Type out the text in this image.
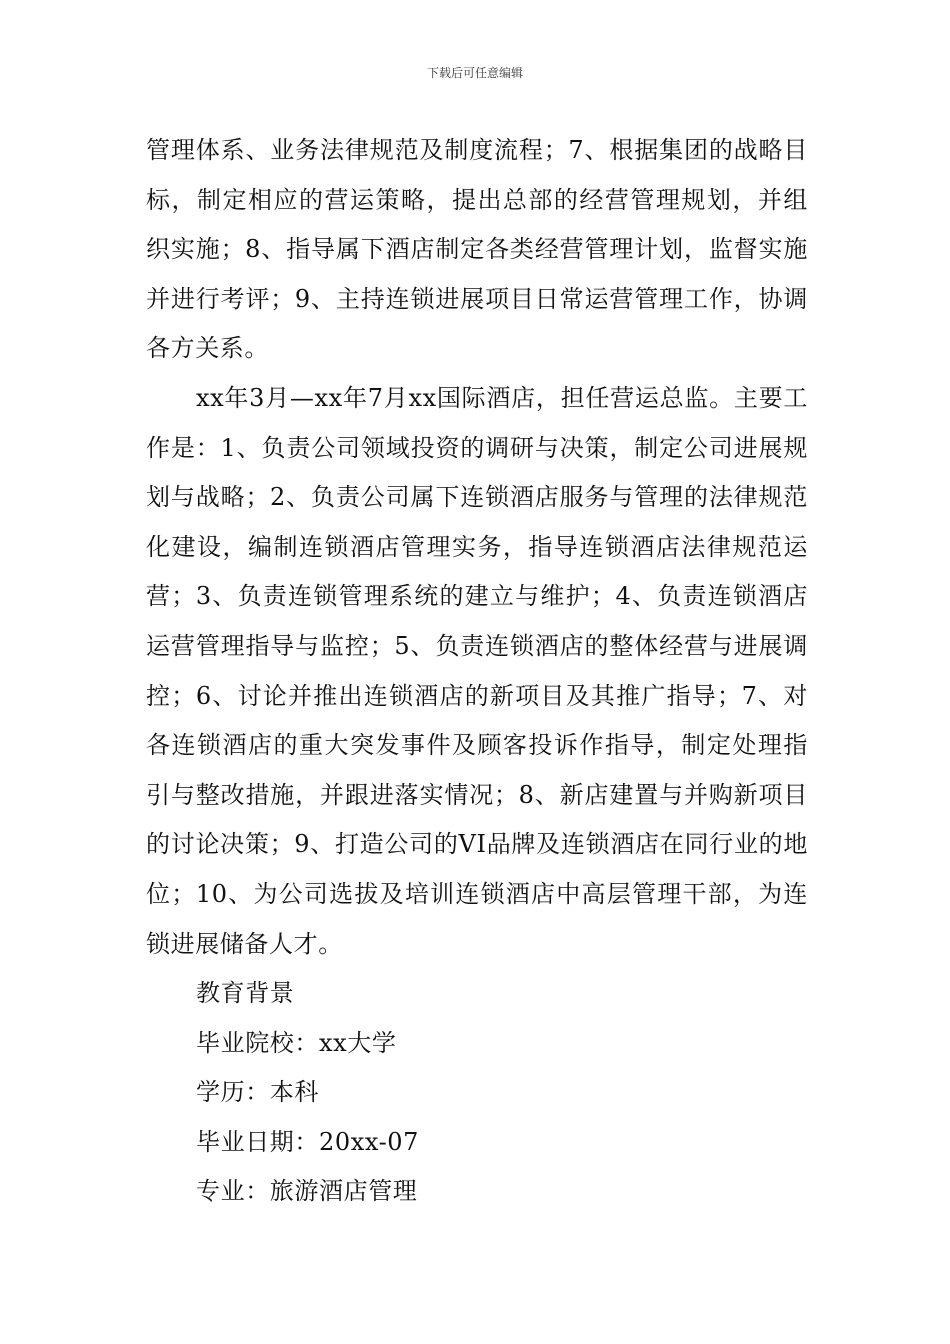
下载后可任意编辑

管理体系、业务法律规范及制度流程；7、根据集团的战略目标，制定相应的营运策略，提出总部的经营管理规划，并组织实施；8、指导属下酒店制定各类经营管理计划，监督实施并进行考评；9、主持连锁进展项目日常运营管理工作，协调各方关系。

xx年3月—xx年7月xx国际酒店，担任营运总监。主要工作是：1、负责公司领域投资的调研与决策，制定公司进展规划与战略；2、负责公司属下连锁酒店服务与管理的法律规范化建设，编制连锁酒店管理实务，指导连锁酒店法律规范运营；3、负责连锁管理系统的建立与维护；4、负责连锁酒店运营管理指导与监控；5、负责连锁酒店的整体经营与进展调控；6、讨论并推出连锁酒店的新项目及其推广指导；7、对各连锁酒店的重大突发事件及顾客投诉作指导，制定处理指引与整改措施，并跟进落实情况；8、新店建置与并购新项目的讨论决策；9、打造公司的VI品牌及连锁酒店在同行业的地位；10、为公司选拔及培训连锁酒店中高层管理干部，为连锁进展储备人才。

教育背景

毕业院校：xx大学

学历：本科

毕业日期：20xx-07

专业：旅游酒店管理
